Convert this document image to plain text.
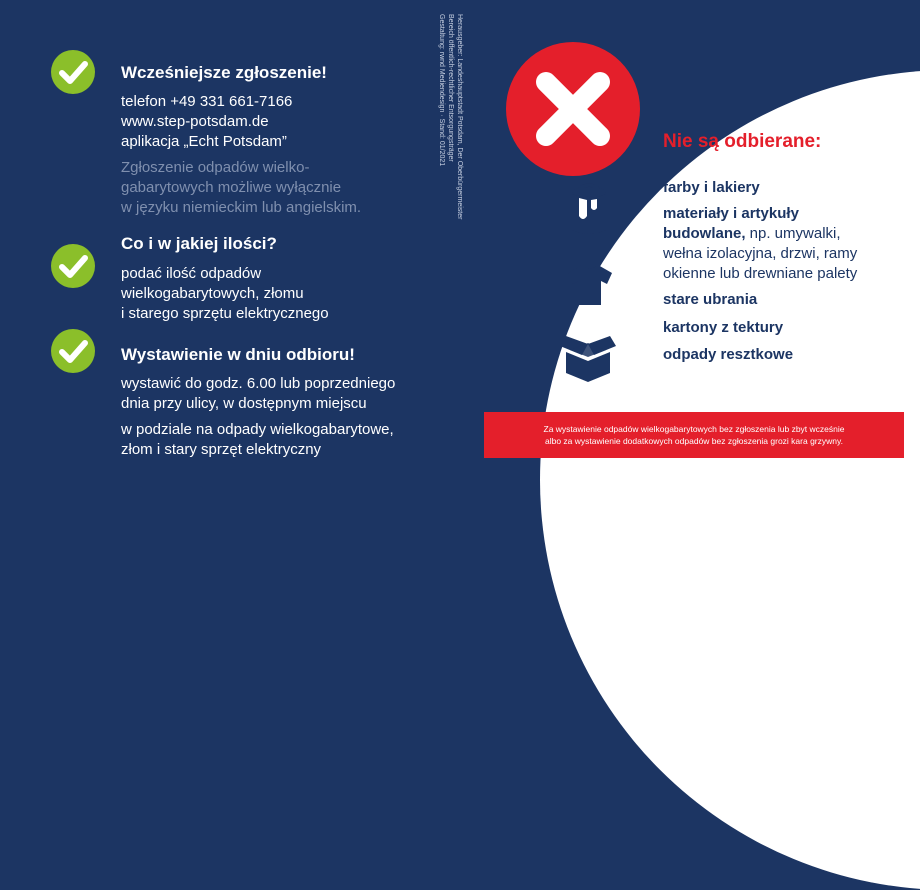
Wcześniejsze zgłoszenie!
telefon +49 331 661-7166
www.step-potsdam.de
aplikacja „Echt Potsdam”
Zgłoszenie odpadów wielko-
gabarytowych możliwe wyłącznie
w języku niemieckim lub angielskim.
Co i w jakiej ilości?
podać ilość odpadów
wielkogabarytowych, złomu
i starego sprzętu elektrycznego
Wystawienie w dniu odbioru!
wystawić do godz. 6.00 lub poprzedniego
dnia przy ulicy, w dostępnym miejscu
w podziale na odpady wielkogabarytowe,
złom i stary sprzęt elektryczny
Herausgeber: Landeshauptstadt Potsdam, Der Oberbürgermeister
Bereich öffentlich-rechtlicher Entsorgungsträger
Gestaltung: rwnd Mediendesign · Stand: 01/2021	Nie są odbierane:
farby i lakiery
materiały i artykuły
budowlane, np. umywalki,
wełna izolacyjna, drzwi, ramy
okienne lub drewniane palety
stare ubrania
kartony z tektury
odpady resztkowe
Za wystawienie odpadów wielkogabarytowych bez zgłoszenia lub zbyt wcześnie
albo za wystawienie dodatkowych odpadów bez zgłoszenia grozi kara grzywny.
